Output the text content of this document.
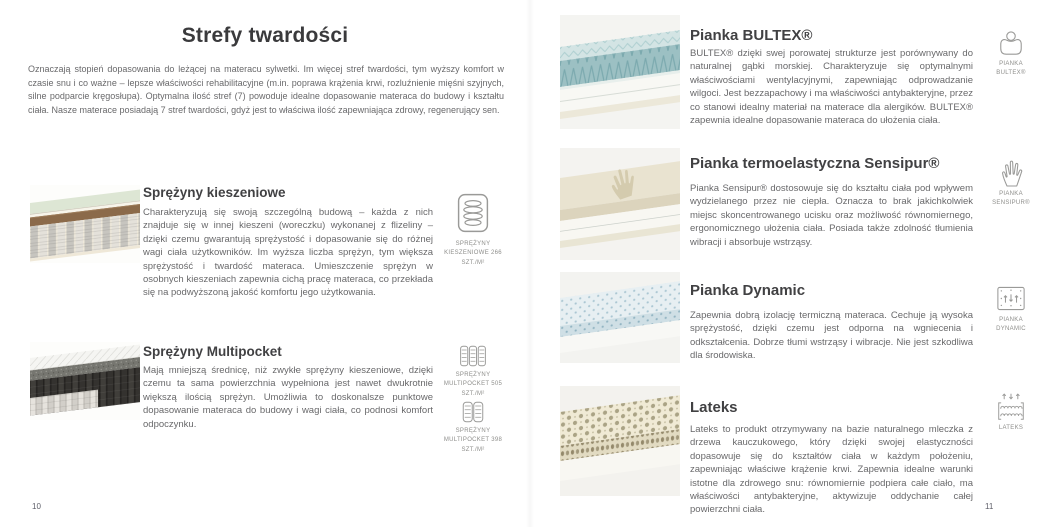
Strefy twardości
Oznaczają stopień dopasowania do leżącej na materacu sylwetki. Im więcej stref twardości, tym wyższy komfort w czasie snu i co ważne – lepsze właściwości rehabilitacyjne (m.in. poprawa krążenia krwi, rozluźnienie mięśni szyjnych, silne podparcie kręgosłupa). Optymalna ilość stref (7) powoduje idealne dopasowanie materaca do budowy i kształtu ciała. Nasze materace posiadają 7 stref twardości, gdyż jest to właściwa ilość zapewniająca zdrowy, regenerujący sen.
Sprężyny kieszeniowe
Charakteryzują się swoją szczególną budową – każda z nich znajduje się w innej kieszeni (woreczku) wykonanej z flizeliny – dzięki czemu gwarantują sprężystość i dopasowanie się do różnej wagi ciała użytkowników. Im wyższa liczba sprężyn, tym większa sprężystość i twardość materaca. Umieszczenie sprężyn w osobnych kieszeniach zapewnia cichą pracę materaca, co przekłada się na podwyższoną jakość komfortu jego użytkowania.
SPRĘŻYNY KIESZENIOWE 266 SZT./M²
Sprężyny Multipocket
Mają mniejszą średnicę, niż zwykłe sprężyny kieszeniowe, dzięki czemu ta sama powierzchnia wypełniona jest nawet dwukrotnie większą ilością sprężyn. Umożliwia to doskonalsze punktowe dopasowanie materaca do budowy i wagi ciała, co podnosi komfort odpoczynku.
SPRĘŻYNY MULTIPOCKET 505 SZT./M²
SPRĘŻYNY MULTIPOCKET 398 SZT./M²
10
Pianka BULTEX®
BULTEX® dzięki swej porowatej strukturze jest porównywany do naturalnej gąbki morskiej. Charakteryzuje się optymalnymi właściwościami wentylacyjnymi, zapewniając odprowadzanie wilgoci. Jest bezzapachowy i ma właściwości antybakteryjne, przez co stanowi idealny materiał na materace dla alergików. BULTEX® zapewnia idealne dopasowanie materaca do ułożenia ciała.
PIANKA BULTEX®
Pianka termoelastyczna Sensipur®
Pianka Sensipur® dostosowuje się do kształtu ciała pod wpływem wydzielanego przez nie ciepła. Oznacza to brak jakichkolwiek miejsc skoncentrowanego ucisku oraz możliwość równomiernego, ergonomicznego ułożenia ciała. Posiada także zdolność tłumienia wibracji i absorbuje wstrząsy.
PIANKA SENSIPUR®
Pianka Dynamic
Zapewnia dobrą izolację termiczną materaca. Cechuje ją wysoka sprężystość, dzięki czemu jest odporna na wgniecenia i odkształcenia. Dobrze tłumi wstrząsy i wibracje. Nie jest szkodliwa dla środowiska.
PIANKA DYNAMIC
Lateks
Lateks to produkt otrzymywany na bazie naturalnego mleczka z drzewa kauczukowego, który dzięki swojej elastyczności dopasowuje się do kształtów ciała w każdym położeniu, zapewniając właściwe krążenie krwi. Zapewnia idealne warunki istotne dla zdrowego snu: równomiernie podpiera całe ciało, ma właściwości antybakteryjne, aktywizuje oddychanie całej powierzchni ciała.
LATEKS
11
